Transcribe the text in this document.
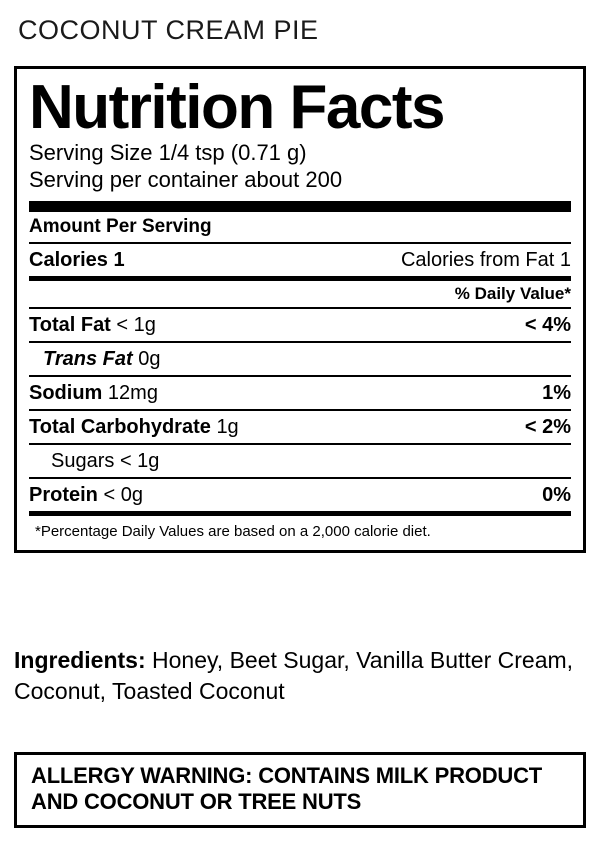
COCONUT CREAM PIE
Nutrition Facts
Serving Size 1/4 tsp (0.71 g)
Serving per container about 200
Amount Per Serving
Calories 1	Calories from Fat 1
% Daily Value*
Total Fat < 1g	< 4%
Trans Fat 0g
Sodium 12mg	1%
Total Carbohydrate 1g	< 2%
Sugars < 1g
Protein < 0g	0%
*Percentage Daily Values are based on a 2,000 calorie diet.
Ingredients: Honey, Beet Sugar, Vanilla Butter Cream, Coconut, Toasted Coconut
ALLERGY WARNING: CONTAINS MILK PRODUCT AND COCONUT OR TREE NUTS
